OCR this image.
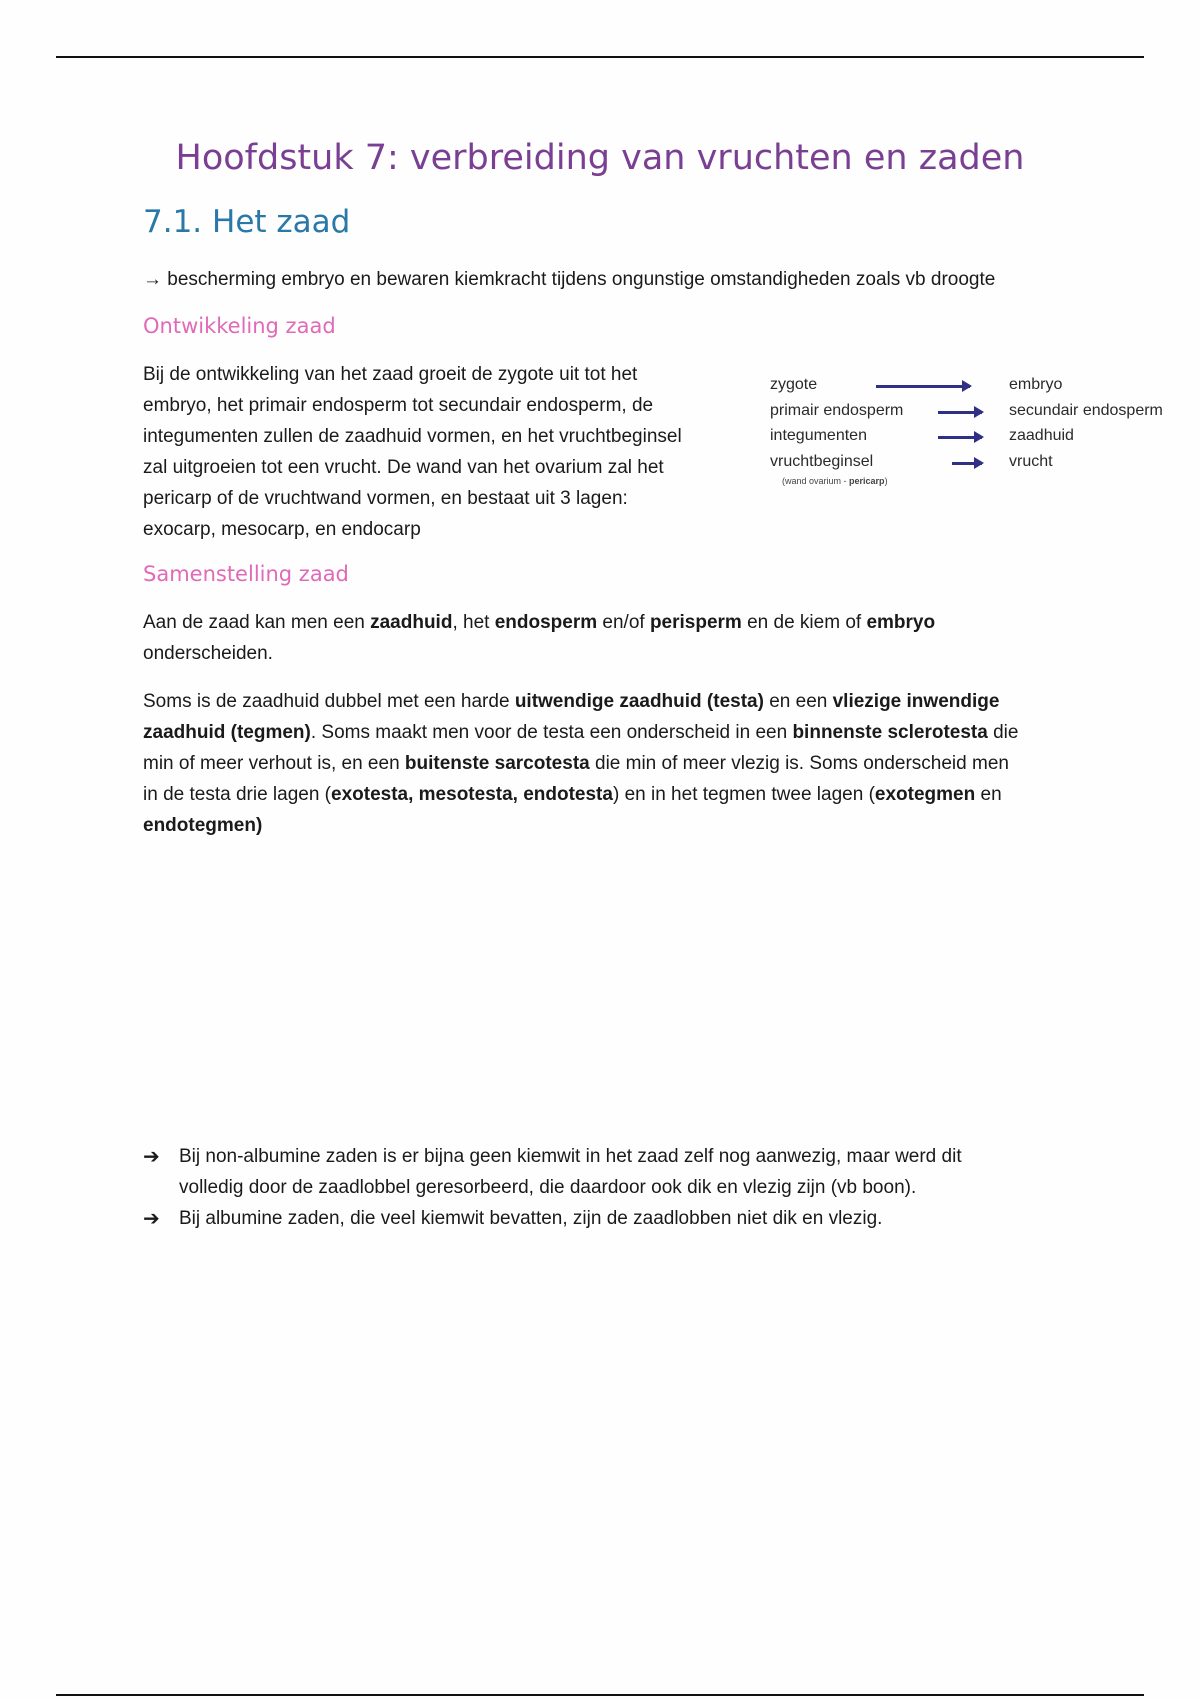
Hoofdstuk 7: verbreiding van vruchten en zaden
7.1. Het zaad

→ bescherming embryo en bewaren kiemkracht tijdens ongunstige omstandigheden zoals vb droogte

Ontwikkeling zaad
Bij de ontwikkeling van het zaad groeit de zygote uit tot het
embryo, het primair endosperm tot secundair endosperm, de
integumenten zullen de zaadhuid vormen, en het vruchtbeginsel
zal uitgroeien tot een vrucht. De wand van het ovarium zal het
pericarp of de vruchtwand vormen, en bestaat uit 3 lagen:
exocarp, mesocarp, en endocarp
zygote
primair endosperm
integumenten
vruchtbeginsel
(wand ovarium - pericarp)
embryo
secundair endosperm
zaadhuid
vrucht
Samenstelling zaad
Aan de zaad kan men een zaadhuid, het endosperm en/of perisperm en de kiem of embryo
onderscheiden.
Soms is de zaadhuid dubbel met een harde uitwendige zaadhuid (testa) en een vliezige inwendige
zaadhuid (tegmen). Soms maakt men voor de testa een onderscheid in een binnenste sclerotesta die
min of meer verhout is, en een buitenste sarcotesta die min of meer vlezig is. Soms onderscheid men
in de testa drie lagen (exotesta, mesotesta, endotesta) en in het tegmen twee lagen (exotegmen en
endotegmen)
➔ Bij non-albumine zaden is er bijna geen kiemwit in het zaad zelf nog aanwezig, maar werd dit
volledig door de zaadlobbel geresorbeerd, die daardoor ook dik en vlezig zijn (vb boon).
➔ Bij albumine zaden, die veel kiemwit bevatten, zijn de zaadlobben niet dik en vlezig.
